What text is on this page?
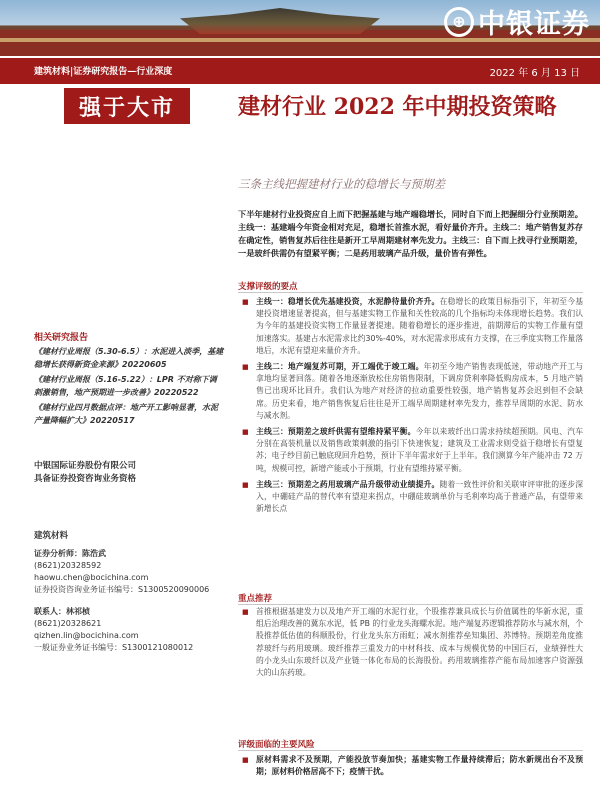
⊕ 中银证券
建筑材料|证券研究报告—行业深度	2022 年 6 月 13 日
强于大市	建材行业 2022 年中期投资策略
三条主线把握建材行业的稳增长与预期差
下半年建材行业投资应自上而下把握基建与地产端稳增长，同时自下而上把握细分行业预期差。主线一：基建端今年资金相对充足，稳增长首推水泥，看好量价齐升。主线二：地产销售复苏存在确定性，销售复苏后往往是新开工早周期建材率先发力。主线三：自下而上找寻行业预期差，一是玻纤供需仍有望紧平衡；二是药用玻璃产品升级，量价皆有弹性。
支撑评级的要点
■ 主线一：稳增长优先基建投资，水泥静待量价齐升。在稳增长的政策目标指引下，年初至今基建投资增速显著提高，但与基建实物工作量和关性较高的几个指标均未体现增长趋势。我们认为今年的基建投资实物工作量显著提速。随着稳增长的逐步推进，前期滞后的实物工作量有望加速落实。基建占水泥需求比约30%-40%，对水泥需求形成有力支撑，在三季度实物工作量落地后，水泥有望迎来量价齐升。
■ 主线二：地产端复苏可期，开工端优于竣工端。年初至今地产销售表现低迷，带动地产开工与拿地均显著回落。随着各地逐渐放松住房销售限制，下调房贷利率降低购房成本，5 月地产销售已出现环比回升。我们认为地产对经济的拉动重要性较强，地产销售复苏会迟到但不会缺席。历史来看，地产销售恢复后往往是开工端早周期建材率先发力，推荐早周期的水泥、防水与减水剂。
■ 主线三：预期差之玻纤供需有望维持紧平衡。今年以来玻纤出口需求持续超预期。风电、汽车分别在高装机量以及销售政策刺激的指引下快速恢复；建筑及工业需求则受益于稳增长有望复苏；电子纱目前已触底现回升趋势，预计下半年需求好于上半年。我们测算今年产能冲击 72 万吨，规模可控，新增产能或小于预期，行业有望维持紧平衡。
■ 主线三：预期差之药用玻璃产品升级带动业绩提升。随着一致性评价和关联审评审批的逐步深入，中硼硅产品的替代率有望迎来拐点，中硼硅玻璃单价与毛利率均高于普通产品，有望带来新增长点
重点推荐
■ 首推根据基建发力以及地产开工端的水泥行业，个股推荐兼具成长与价值属性的华新水泥，重组后治理改善的冀东水泥，低 PB 的行业龙头海螺水泥。地产端复苏逻辑推荐防水与减水剂，个股推荐低估值的科顺股份，行业龙头东方雨虹；减水剂推荐垒知集团、苏博特。预期差角度推荐玻纤与药用玻璃。玻纤推荐三重发力的中材科技、成本与规模优势的中国巨石，业绩弹性大的小龙头山东玻纤以及产业链一体化布局的长海股份。药用玻璃推荐产能布局加速客户资源强大的山东药玻。
评级面临的主要风险
■ 原材料需求不及预期，产能投放节奏加快；基建实物工作量持续滞后；防水新规出台不及预期；原材料价格居高不下；疫情干扰。
相关研究报告
《建材行业周报（5.30-6.5）：水泥进入淡季，基建稳增长获得新资金来源》20220605
《建材行业周报（5.16-5.22）：LPR 不对称下调刺激销售，地产预期进一步改善》20220522
《建材行业四月数据点评：地产开工影响显著，水泥产量降幅扩大》20220517
中银国际证券股份有限公司
具备证券投资咨询业务资格
建筑材料
证券分析师：陈浩武
(8621)20328592
haowu.chen@bocichina.com
证券投资咨询业务证书编号：S1300520090006
联系人：林祁桢
(8621)20328621
qizhen.lin@bocichina.com
一般证券业务证书编号：S1300121080012
